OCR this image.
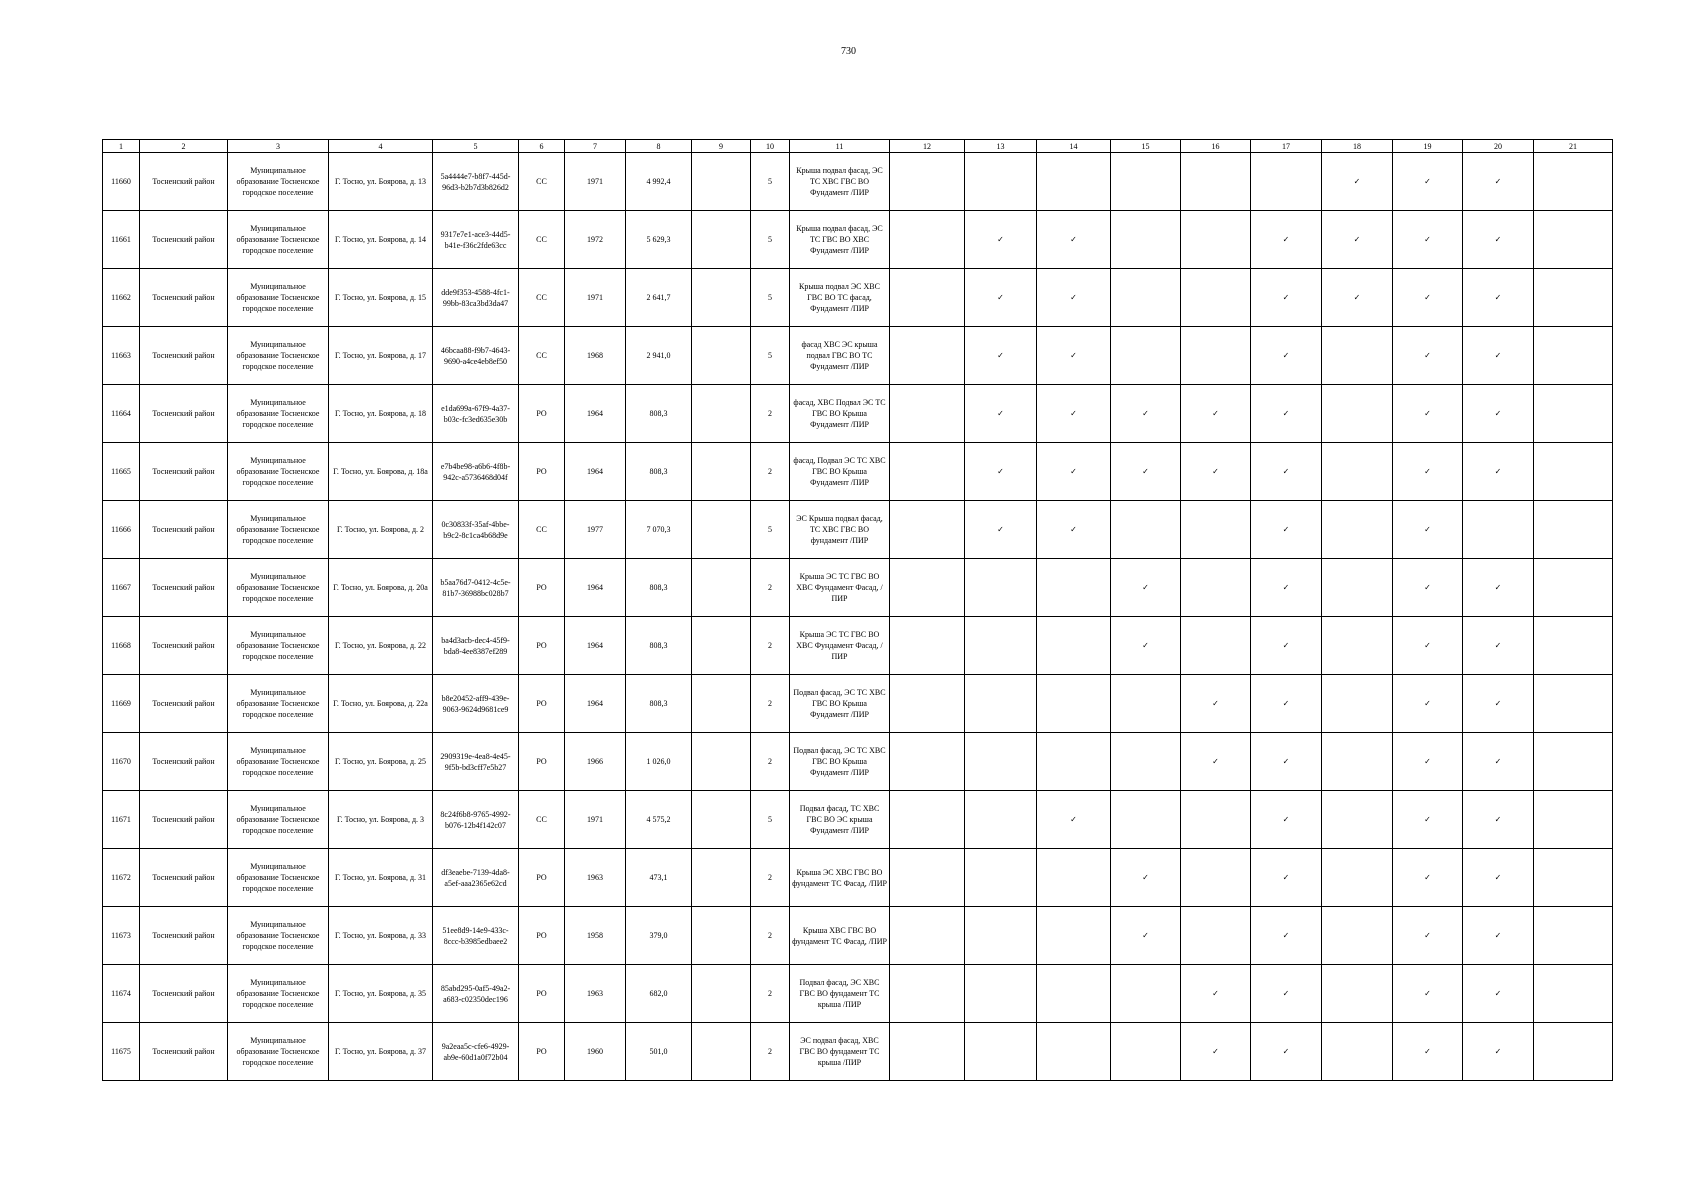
730
1	2	3	4	5	6	7	8	9	10	11	12	13	14	15	16	17	18	19	20	21	
11660	Тосненский район	Муниципальное образование Тосненское городское поселение	Г. Тосно, ул. Боярова, д. 13	5a4444e7-b8f7-445d-96d3-b2b7d3b826d2	СС	1971	4 992,4		5	Крыша подвал фасад, ЭС ТС ХВС ГВС ВО Фундамент /ПИР							✓	✓	✓		
11661	Тосненский район	Муниципальное образование Тосненское городское поселение	Г. Тосно, ул. Боярова, д. 14	9317e7e1-ace3-44d5-b41e-f36c2fde63cc	СС	1972	5 629,3		5	Крыша подвал фасад, ЭС ТС ГВС ВО ХВС Фундамент /ПИР		✓	✓			✓	✓	✓	✓		
11662	Тосненский район	Муниципальное образование Тосненское городское поселение	Г. Тосно, ул. Боярова, д. 15	dde9f353-4588-4fc1-99bb-83ca3bd3da47	СС	1971	2 641,7		5	Крыша подвал ЭС ХВС ГВС ВО ТС фасад, Фундамент /ПИР		✓	✓			✓	✓	✓	✓		
11663	Тосненский район	Муниципальное образование Тосненское городское поселение	Г. Тосно, ул. Боярова, д. 17	46bcaa88-f9b7-4643-9690-a4ce4eb8ef50	СС	1968	2 941,0		5	фасад ХВС ЭС крыша подвал ГВС ВО ТС Фундамент /ПИР		✓	✓			✓		✓	✓		
11664	Тосненский район	Муниципальное образование Тосненское городское поселение	Г. Тосно, ул. Боярова, д. 18	e1da699a-67f9-4a37-b03c-fc3ed635e30b	РО	1964	808,3		2	фасад, ХВС Подвал ЭС ТС ГВС ВО Крыша Фундамент /ПИР		✓	✓	✓	✓	✓		✓	✓		
11665	Тосненский район	Муниципальное образование Тосненское городское поселение	Г. Тосно, ул. Боярова, д. 18а	e7b4be98-a6b6-4f8b-942c-a5736468d04f	РО	1964	808,3		2	фасад, Подвал ЭС ТС ХВС ГВС ВО Крыша Фундамент /ПИР		✓	✓	✓	✓	✓		✓	✓		
11666	Тосненский район	Муниципальное образование Тосненское городское поселение	Г. Тосно, ул. Боярова, д. 2	0c30833f-35af-4bbe-b9c2-8c1ca4b68d9e	СС	1977	7 070,3		5	ЭС Крыша подвал фасад, ТС ХВС ГВС ВО фундамент /ПИР		✓	✓			✓		✓			
11667	Тосненский район	Муниципальное образование Тосненское городское поселение	Г. Тосно, ул. Боярова, д. 20а	b5aa76d7-0412-4c5e-81b7-36988bc028b7	РО	1964	808,3		2	Крыша ЭС ТС ГВС ВО ХВС Фундамент Фасад, /ПИР				✓		✓		✓	✓		
11668	Тосненский район	Муниципальное образование Тосненское городское поселение	Г. Тосно, ул. Боярова, д. 22	ba4d3acb-dec4-45f9-bda8-4ee8387ef289	РО	1964	808,3		2	Крыша ЭС ТС ГВС ВО ХВС Фундамент Фасад, /ПИР				✓		✓		✓	✓		
11669	Тосненский район	Муниципальное образование Тосненское городское поселение	Г. Тосно, ул. Боярова, д. 22а	b8e20452-aff9-439e-9063-9624d9681ce9	РО	1964	808,3		2	Подвал фасад, ЭС ТС ХВС ГВС ВО Крыша Фундамент /ПИР					✓	✓		✓	✓		
11670	Тосненский район	Муниципальное образование Тосненское городское поселение	Г. Тосно, ул. Боярова, д. 25	2909319e-4ea8-4e45-9f5b-bd3cff7e5b27	РО	1966	1 026,0		2	Подвал фасад, ЭС ТС ХВС ГВС ВО Крыша Фундамент /ПИР					✓	✓		✓	✓		
11671	Тосненский район	Муниципальное образование Тосненское городское поселение	Г. Тосно, ул. Боярова, д. 3	8c24f6b8-9765-4992-b076-12b4f142c07	СС	1971	4 575,2		5	Подвал фасад, ТС ХВС ГВС ВО ЭС крыша Фундамент /ПИР			✓			✓		✓	✓		
11672	Тосненский район	Муниципальное образование Тосненское городское поселение	Г. Тосно, ул. Боярова, д. 31	df3eaebe-7139-4da8-a5ef-aaa2365e62cd	РО	1963	473,1		2	Крыша ЭС ХВС ГВС ВО фундамент ТС Фасад, /ПИР				✓		✓		✓	✓		
11673	Тосненский район	Муниципальное образование Тосненское городское поселение	Г. Тосно, ул. Боярова, д. 33	51ee8d9-14e9-433c-8ccc-b3985edbaee2	РО	1958	379,0		2	Крыша ХВС ГВС ВО фундамент ТС Фасад, /ПИР				✓		✓		✓	✓		
11674	Тосненский район	Муниципальное образование Тосненское городское поселение	Г. Тосно, ул. Боярова, д. 35	85abd295-0af5-49a2-a683-c02350dec196	РО	1963	682,0		2	Подвал фасад, ЭС ХВС ГВС ВО фундамент ТС крыша /ПИР					✓	✓		✓	✓		
11675	Тосненский район	Муниципальное образование Тосненское городское поселение	Г. Тосно, ул. Боярова, д. 37	9a2eaa5c-cfe6-4929-ab9e-60d1a0f72b04	РО	1960	501,0		2	ЭС подвал фасад, ХВС ГВС ВО фундамент ТС крыша /ПИР					✓	✓		✓	✓		
